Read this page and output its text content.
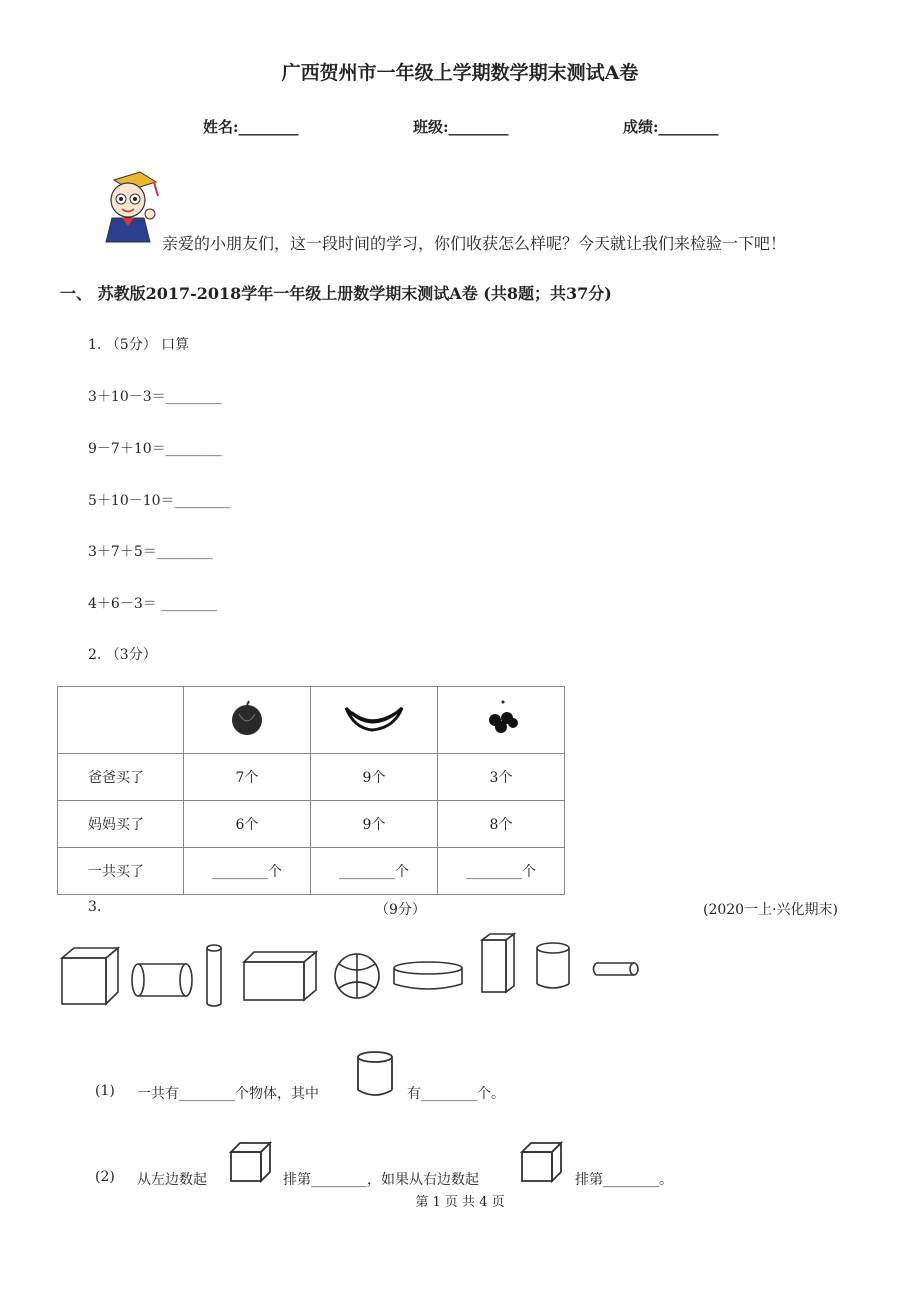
广西贺州市一年级上学期数学期末测试A卷
姓名:________	班级:________	成绩:________
亲爱的小朋友们，这一段时间的学习，你们收获怎么样呢？今天就让我们来检验一下吧！
一、 苏教版2017-2018学年一年级上册数学期末测试A卷 (共8题；共37分)
1. （5分） 口算
3＋10－3＝________
9－7＋10＝________
5＋10－10＝________
3＋7＋5＝________
4＋6－3＝ ________
2. （3分）

爸爸买了	7个	9个	3个
妈妈买了	6个	9个	8个
一共买了	________个	________个	________个
3.	（9分）	(2020一上·兴化期末)
(1) 一共有________个物体，其中	有________个。
(2) 从左边数起	排第________，如果从右边数起	排第________。
第 1 页 共 4 页
